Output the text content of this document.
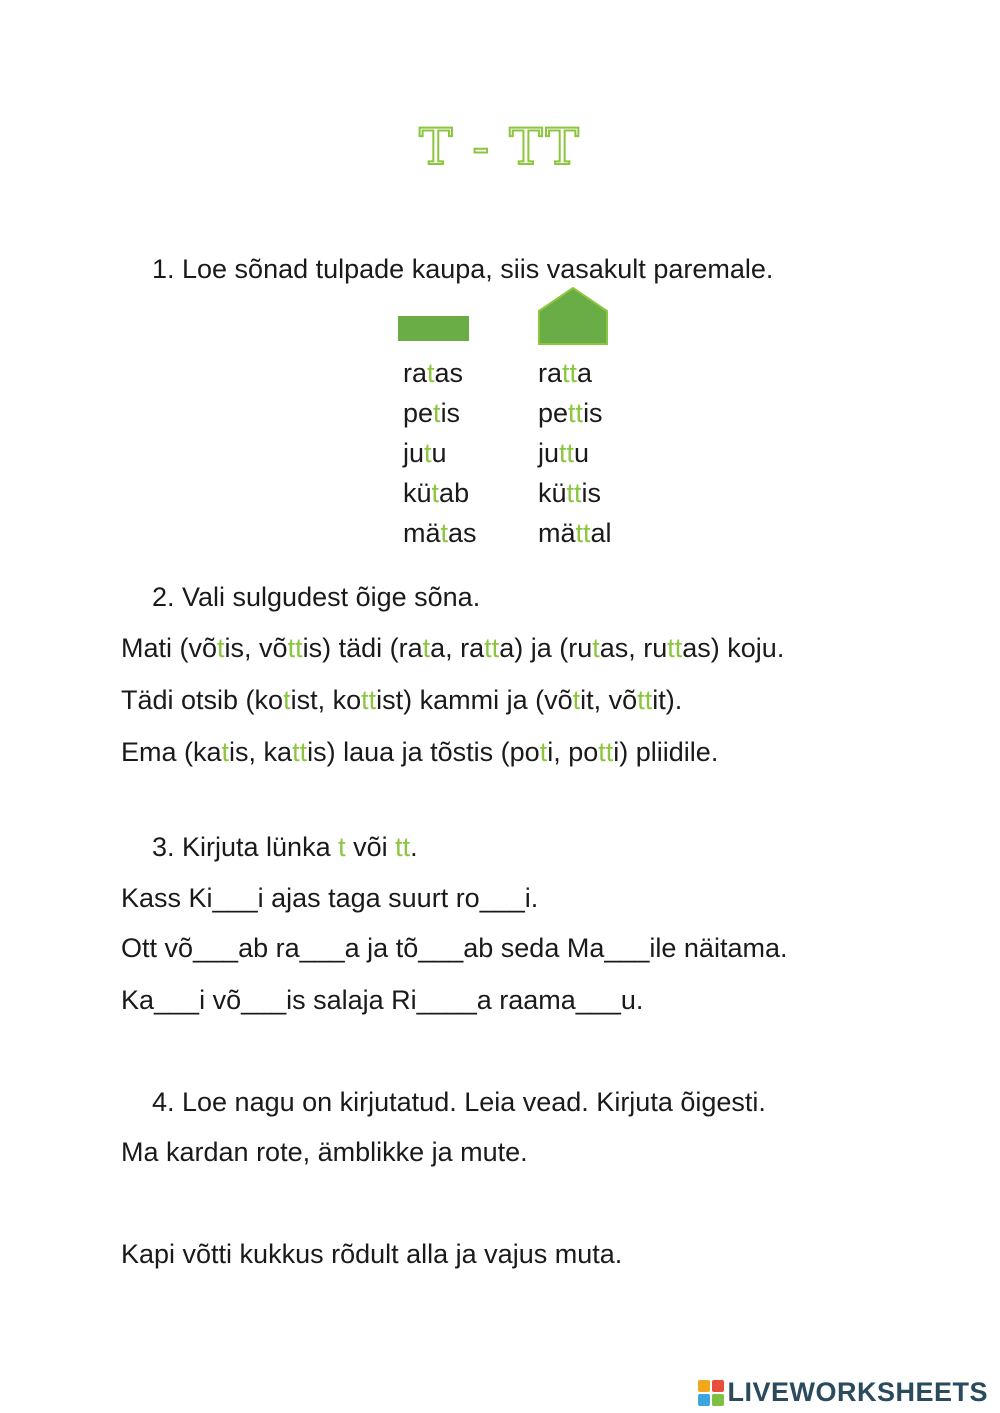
T - TT
1. Loe sõnad tulpade kaupa, siis vasakult paremale.
ratas
petis
jutu
kütab
mätas
ratta
pettis
juttu
küttis
mättal
2. Vali sulgudest õige sõna.
Mati (võtis, võttis) tädi (rata, ratta) ja (rutas, ruttas) koju.
Tädi otsib (kotist, kottist) kammi ja (võtit, võttit).
Ema (katis, kattis) laua ja tõstis (poti, potti) pliidile.
3. Kirjuta lünka t või tt.
Kass Ki___i ajas taga suurt ro___i.
Ott võ___ab ra___a ja tõ___ab seda Ma___ile näitama.
Ka___i võ___is salaja Ri____a raama___u.
4. Loe nagu on kirjutatud. Leia vead. Kirjuta õigesti.
Ma kardan rote, ämblikke ja mute.
Kapi võtti kukkus rõdult alla ja vajus muta.
LIVEWORKSHEETS
